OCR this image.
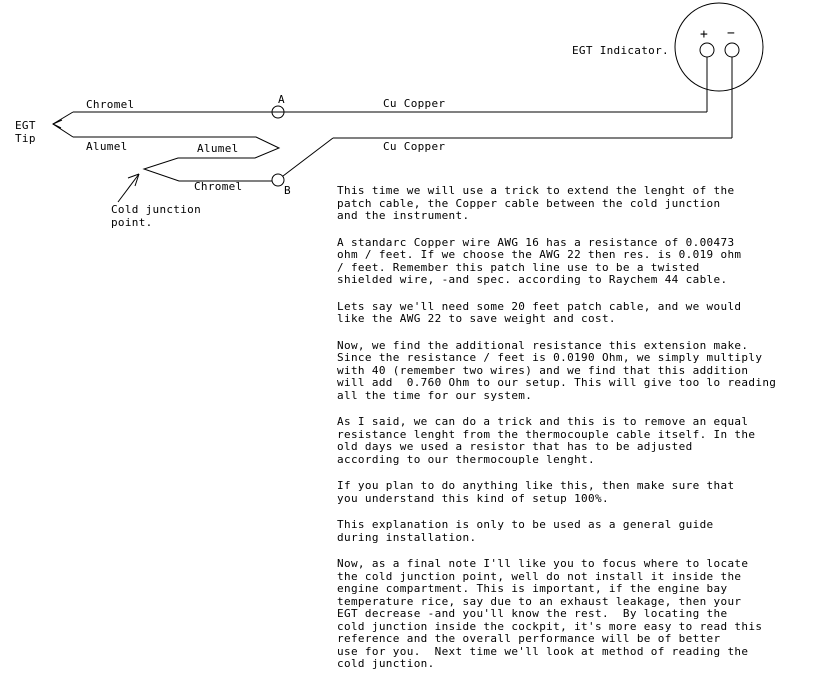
EGT Indicator.
+ −
EGT
Tip
Chromel
Alumel	Alumel
Chromel
Cu Copper
Cu Copper
A
B
Cold junction
point.
This time we will use a trick to extend the lenght of the
patch cable, the Copper cable between the cold junction
and the instrument.
A standarc Copper wire AWG 16 has a resistance of 0.00473
ohm / feet. If we choose the AWG 22 then res. is 0.019 ohm
/ feet. Remember this patch line use to be a twisted
shielded wire, -and spec. according to Raychem 44 cable.
Lets say we'll need some 20 feet patch cable, and we would
like the AWG 22 to save weight and cost.
Now, we find the additional resistance this extension make.
Since the resistance / feet is 0.0190 Ohm, we simply multiply
with 40 (remember two wires) and we find that this addition
will add  0.760 Ohm to our setup. This will give too lo reading
all the time for our system.
As I said, we can do a trick and this is to remove an equal
resistance lenght from the thermocouple cable itself. In the
old days we used a resistor that has to be adjusted
according to our thermocouple lenght.
If you plan to do anything like this, then make sure that
you understand this kind of setup 100%.
This explanation is only to be used as a general guide
during installation.
Now, as a final note I'll like you to focus where to locate
the cold junction point, well do not install it inside the
engine compartment. This is important, if the engine bay
temperature rice, say due to an exhaust leakage, then your
EGT decrease -and you'll know the rest.  By locating the
cold junction inside the cockpit, it's more easy to read this
reference and the overall performance will be of better
use for you.  Next time we'll look at method of reading the
cold junction.
